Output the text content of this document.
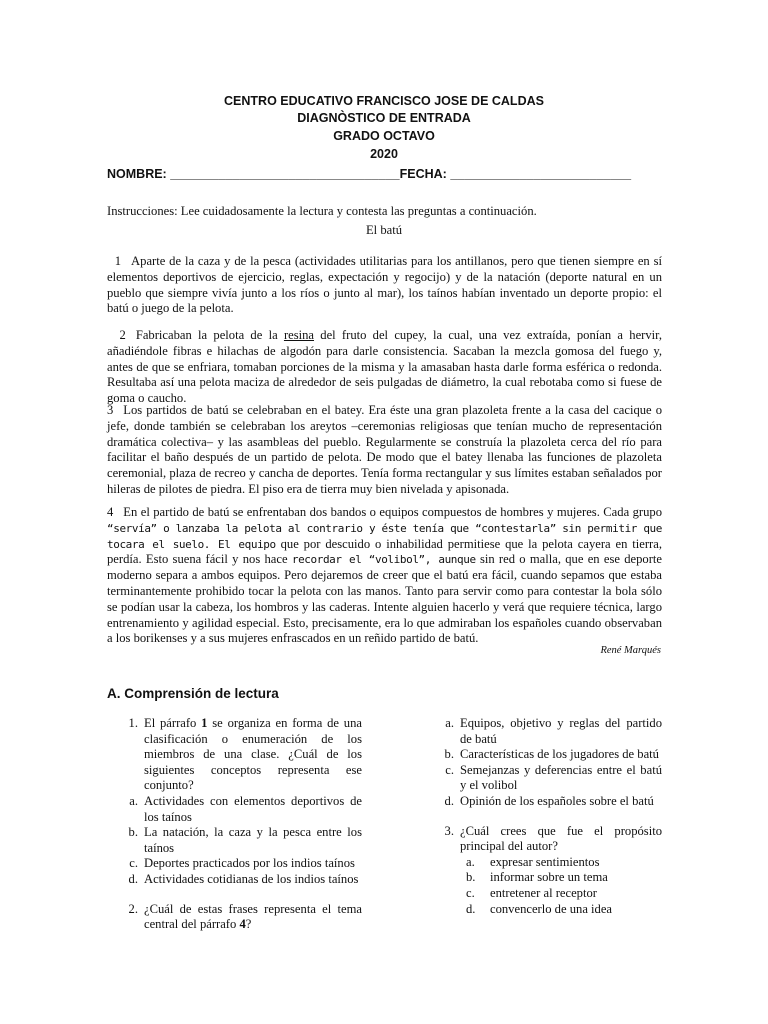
CENTRO EDUCATIVO FRANCISCO JOSE DE CALDAS
DIAGNÒSTICO DE ENTRADA
GRADO OCTAVO
2020
NOMBRE: _________________________________FECHA: __________________________
Instrucciones: Lee cuidadosamente la lectura y contesta las preguntas a continuación.
El batú

1 Aparte de la caza y de la pesca (actividades utilitarias para los antillanos, pero que tienen siempre en sí elementos deportivos de ejercicio, reglas, expectación y regocijo) y de la natación (deporte natural en un pueblo que siempre vivía junto a los ríos o junto al mar), los taínos habían inventado un deporte propio: el batú o juego de la pelota.

2 Fabricaban la pelota de la resina del fruto del cupey, la cual, una vez extraída, ponían a hervir, añadiéndole fibras e hilachas de algodón para darle consistencia. Sacaban la mezcla gomosa del fuego y, antes de que se enfriara, tomaban porciones de la misma y la amasaban hasta darle forma esférica o redonda. Resultaba así una pelota maciza de alrededor de seis pulgadas de diámetro, la cual rebotaba como si fuese de goma o caucho.

3 Los partidos de batú se celebraban en el batey. Era éste una gran plazoleta frente a la casa del cacique o jefe, donde también se celebraban los areytos –ceremonias religiosas que tenían mucho de representación dramática colectiva– y las asambleas del pueblo. Regularmente se construía la plazoleta cerca del río para facilitar el baño después de un partido de pelota. De modo que el batey llenaba las funciones de plazoleta ceremonial, plaza de recreo y cancha de deportes. Tenía forma rectangular y sus límites estaban señalados por hileras de pilotes de piedra. El piso era de tierra muy bien nivelada y apisonada.

4 En el partido de batú se enfrentaban dos bandos o equipos compuestos de hombres y mujeres. Cada grupo “servía” o lanzaba la pelota al contrario y éste tenía que “contestarla” sin permitir que tocara el suelo. El equipo que por descuido o inhabilidad permitiese que la pelota cayera en tierra, perdía. Esto suena fácil y nos hace recordar el “volibol”, aunque sin red o malla, que en ese deporte moderno separa a ambos equipos. Pero dejaremos de creer que el batú era fácil, cuando sepamos que estaba terminantemente prohibido tocar la pelota con las manos. Tanto para servir como para contestar la bola sólo se podían usar la cabeza, los hombros y las caderas. Intente alguien hacerlo y verá que requiere técnica, largo entrenamiento y agilidad especial. Esto, precisamente, era lo que admiraban los españoles cuando observaban a los borikenses y a sus mujeres enfrascados en un reñido partido de batú.

René Marqués
A. Comprensión de lectura
1. El párrafo 1 se organiza en forma de una clasificación o enumeración de los miembros de una clase. ¿Cuál de los siguientes conceptos representa ese conjunto?
a. Actividades con elementos deportivos de los taínos
b. La natación, la caza y la pesca entre los taínos
c. Deportes practicados por los indios taínos
d. Actividades cotidianas de los indios taínos
2. ¿Cuál de estas frases representa el tema central del párrafo 4?
a. Equipos, objetivo y reglas del partido de batú
b. Características de los jugadores de batú
c. Semejanzas y deferencias entre el batú y el volibol
d. Opinión de los españoles sobre el batú
3. ¿Cuál crees que fue el propósito principal del autor?
a. expresar sentimientos
b. informar sobre un tema
c. entretener al receptor
d. convencerlo de una idea
